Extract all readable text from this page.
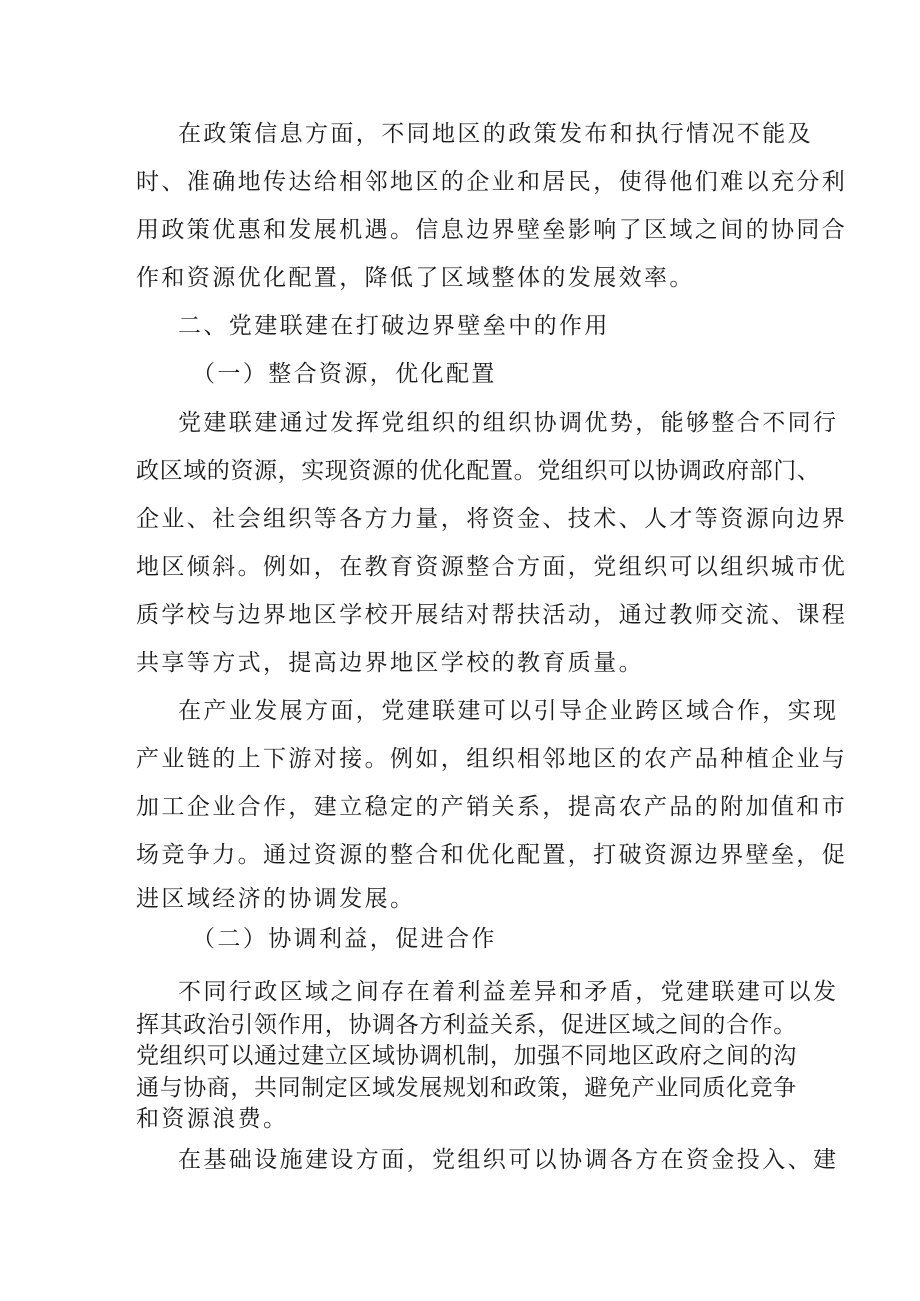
在政策信息方面，不同地区的政策发布和执行情况不能及
时、准确地传达给相邻地区的企业和居民，使得他们难以充分利
用政策优惠和发展机遇。信息边界壁垒影响了区域之间的协同合
作和资源优化配置，降低了区域整体的发展效率。
二、党建联建在打破边界壁垒中的作用
（一）整合资源，优化配置
党建联建通过发挥党组织的组织协调优势，能够整合不同行
政区域的资源，实现资源的优化配置。党组织可以协调政府部门、
企业、社会组织等各方力量，将资金、技术、人才等资源向边界
地区倾斜。例如，在教育资源整合方面，党组织可以组织城市优
质学校与边界地区学校开展结对帮扶活动，通过教师交流、课程
共享等方式，提高边界地区学校的教育质量。
在产业发展方面，党建联建可以引导企业跨区域合作，实现
产业链的上下游对接。例如，组织相邻地区的农产品种植企业与
加工企业合作，建立稳定的产销关系，提高农产品的附加值和市
场竞争力。通过资源的整合和优化配置，打破资源边界壁垒，促
进区域经济的协调发展。
（二）协调利益，促进合作
不同行政区域之间存在着利益差异和矛盾，党建联建可以发
挥其政治引领作用，协调各方利益关系，促进区域之间的合作。
党组织可以通过建立区域协调机制，加强不同地区政府之间的沟
通与协商，共同制定区域发展规划和政策，避免产业同质化竞争
和资源浪费。
在基础设施建设方面，党组织可以协调各方在资金投入、建
